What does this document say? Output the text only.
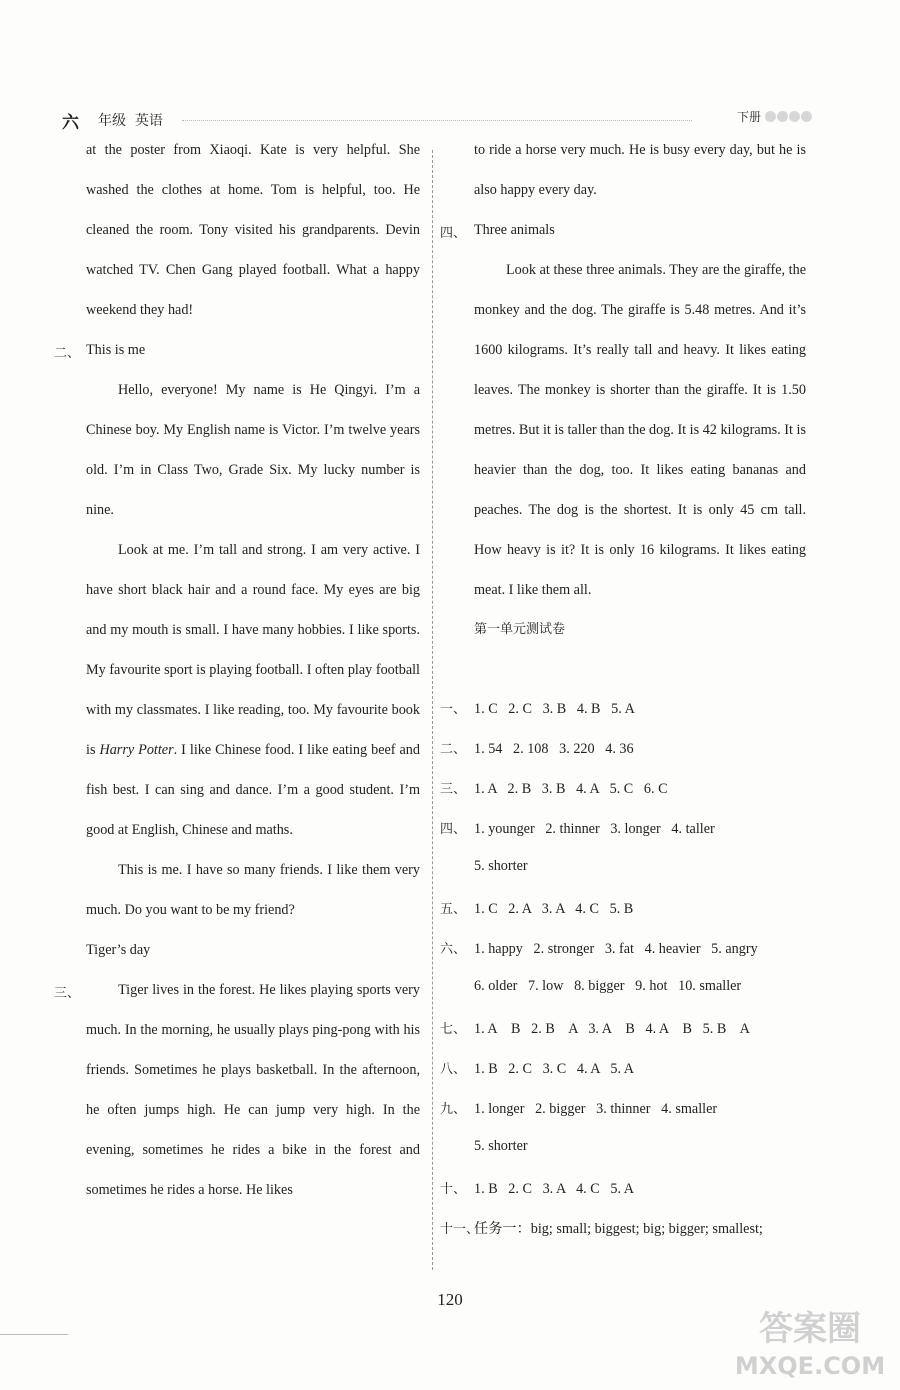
六 年级 英语	下册

at the poster from Xiaoqi. Kate is very helpful. She washed the clothes at home. Tom is helpful, too. He cleaned the room. Tony visited his grandparents. Devin watched TV. Chen Gang played football. What a happy weekend they had!

This is me

Hello, everyone! My name is He Qingyi. I’m a Chinese boy. My English name is Victor. I’m twelve years old. I’m in Class Two, Grade Six. My lucky number is nine.

Look at me. I’m tall and strong. I am very active. I have short black hair and a round face. My eyes are big and my mouth is small. I have many hobbies. I like sports. My favourite sport is playing football. I often play football with my classmates. I like reading, too. My favourite book is Harry Potter. I like Chinese food. I like eating beef and fish best. I can sing and dance. I’m a good student. I’m good at English, Chinese and maths.

This is me. I have so many friends. I like them very much. Do you want to be my friend?

Tiger’s day

Tiger lives in the forest. He likes playing sports very much. In the morning, he usually plays ping-pong with his friends. Sometimes he plays basketball. In the afternoon, he often jumps high. He can jump very high. In the evening, sometimes he rides a bike in the forest and sometimes he rides a horse. He likes

二、
三、

to ride a horse very much. He is busy every day, but he is also happy every day.

Three animals

Look at these three animals. They are the giraffe, the monkey and the dog. The giraffe is 5.48 metres. And it’s 1600 kilograms. It’s really tall and heavy. It likes eating leaves. The monkey is shorter than the giraffe. It is 1.50 metres. But it is taller than the dog. It is 42 kilograms. It is heavier than the dog, too. It likes eating bananas and peaches. The dog is the shortest. It is only 45 cm tall. How heavy is it? It is only 16 kilograms. It likes eating meat. I like them all.

第一单元测试卷

四、
一、 1. C   2. C   3. B   4. B   5. A
二、 1. 54   2. 108   3. 220   4. 36
三、 1. A   2. B   3. B   4. A   5. C   6. C
四、 1. younger   2. thinner   3. longer   4. taller
5. shorter
五、 1. C   2. A   3. A   4. C   5. B
六、 1. happy   2. stronger   3. fat   4. heavier   5. angry
6. older   7. low   8. bigger   9. hot   10. smaller
七、 1. A    B   2. B    A   3. A    B   4. A    B   5. B    A
八、 1. B   2. C   3. C   4. A   5. A
九、 1. longer   2. bigger   3. thinner   4. smaller
5. shorter
十、 1. B   2. C   3. A   4. C   5. A
十一、任务一：big; small; biggest; big; bigger; smallest;
120
答案圈
MXQE.COM
